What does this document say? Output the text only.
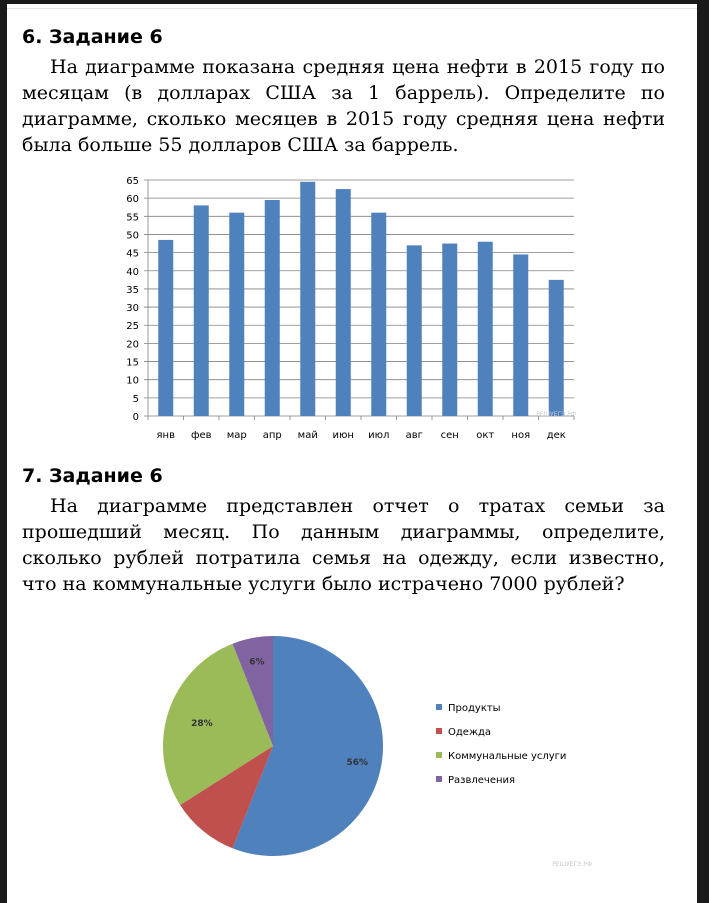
6. Задание 6

На диаграмме показана средняя цена нефти в 2015 году по месяцам (в долларах США за 1 баррель). Определите по диаграмме, сколько месяцев в 2015 году средняя цена нефти была больше 55 долларов США за баррель.

0
5
10
15
20
25
30
35
40
45
50
55
60
65
янв фев мар апр май июн июл авг сен окт ноя дек
РЕШУЕГЭ.РФ
7. Задание 6

На диаграмме представлен отчет о тратах семьи за прошедший месяц. По данным диаграммы, определите, сколько рублей потратила семья на одежду, если известно, что на коммунальные услуги было истрачено 7000 рублей?

56%
28%
6%
Продукты
Одежда
Коммунальные услуги
Развлечения
РЕШУЕГЭ.РФ
